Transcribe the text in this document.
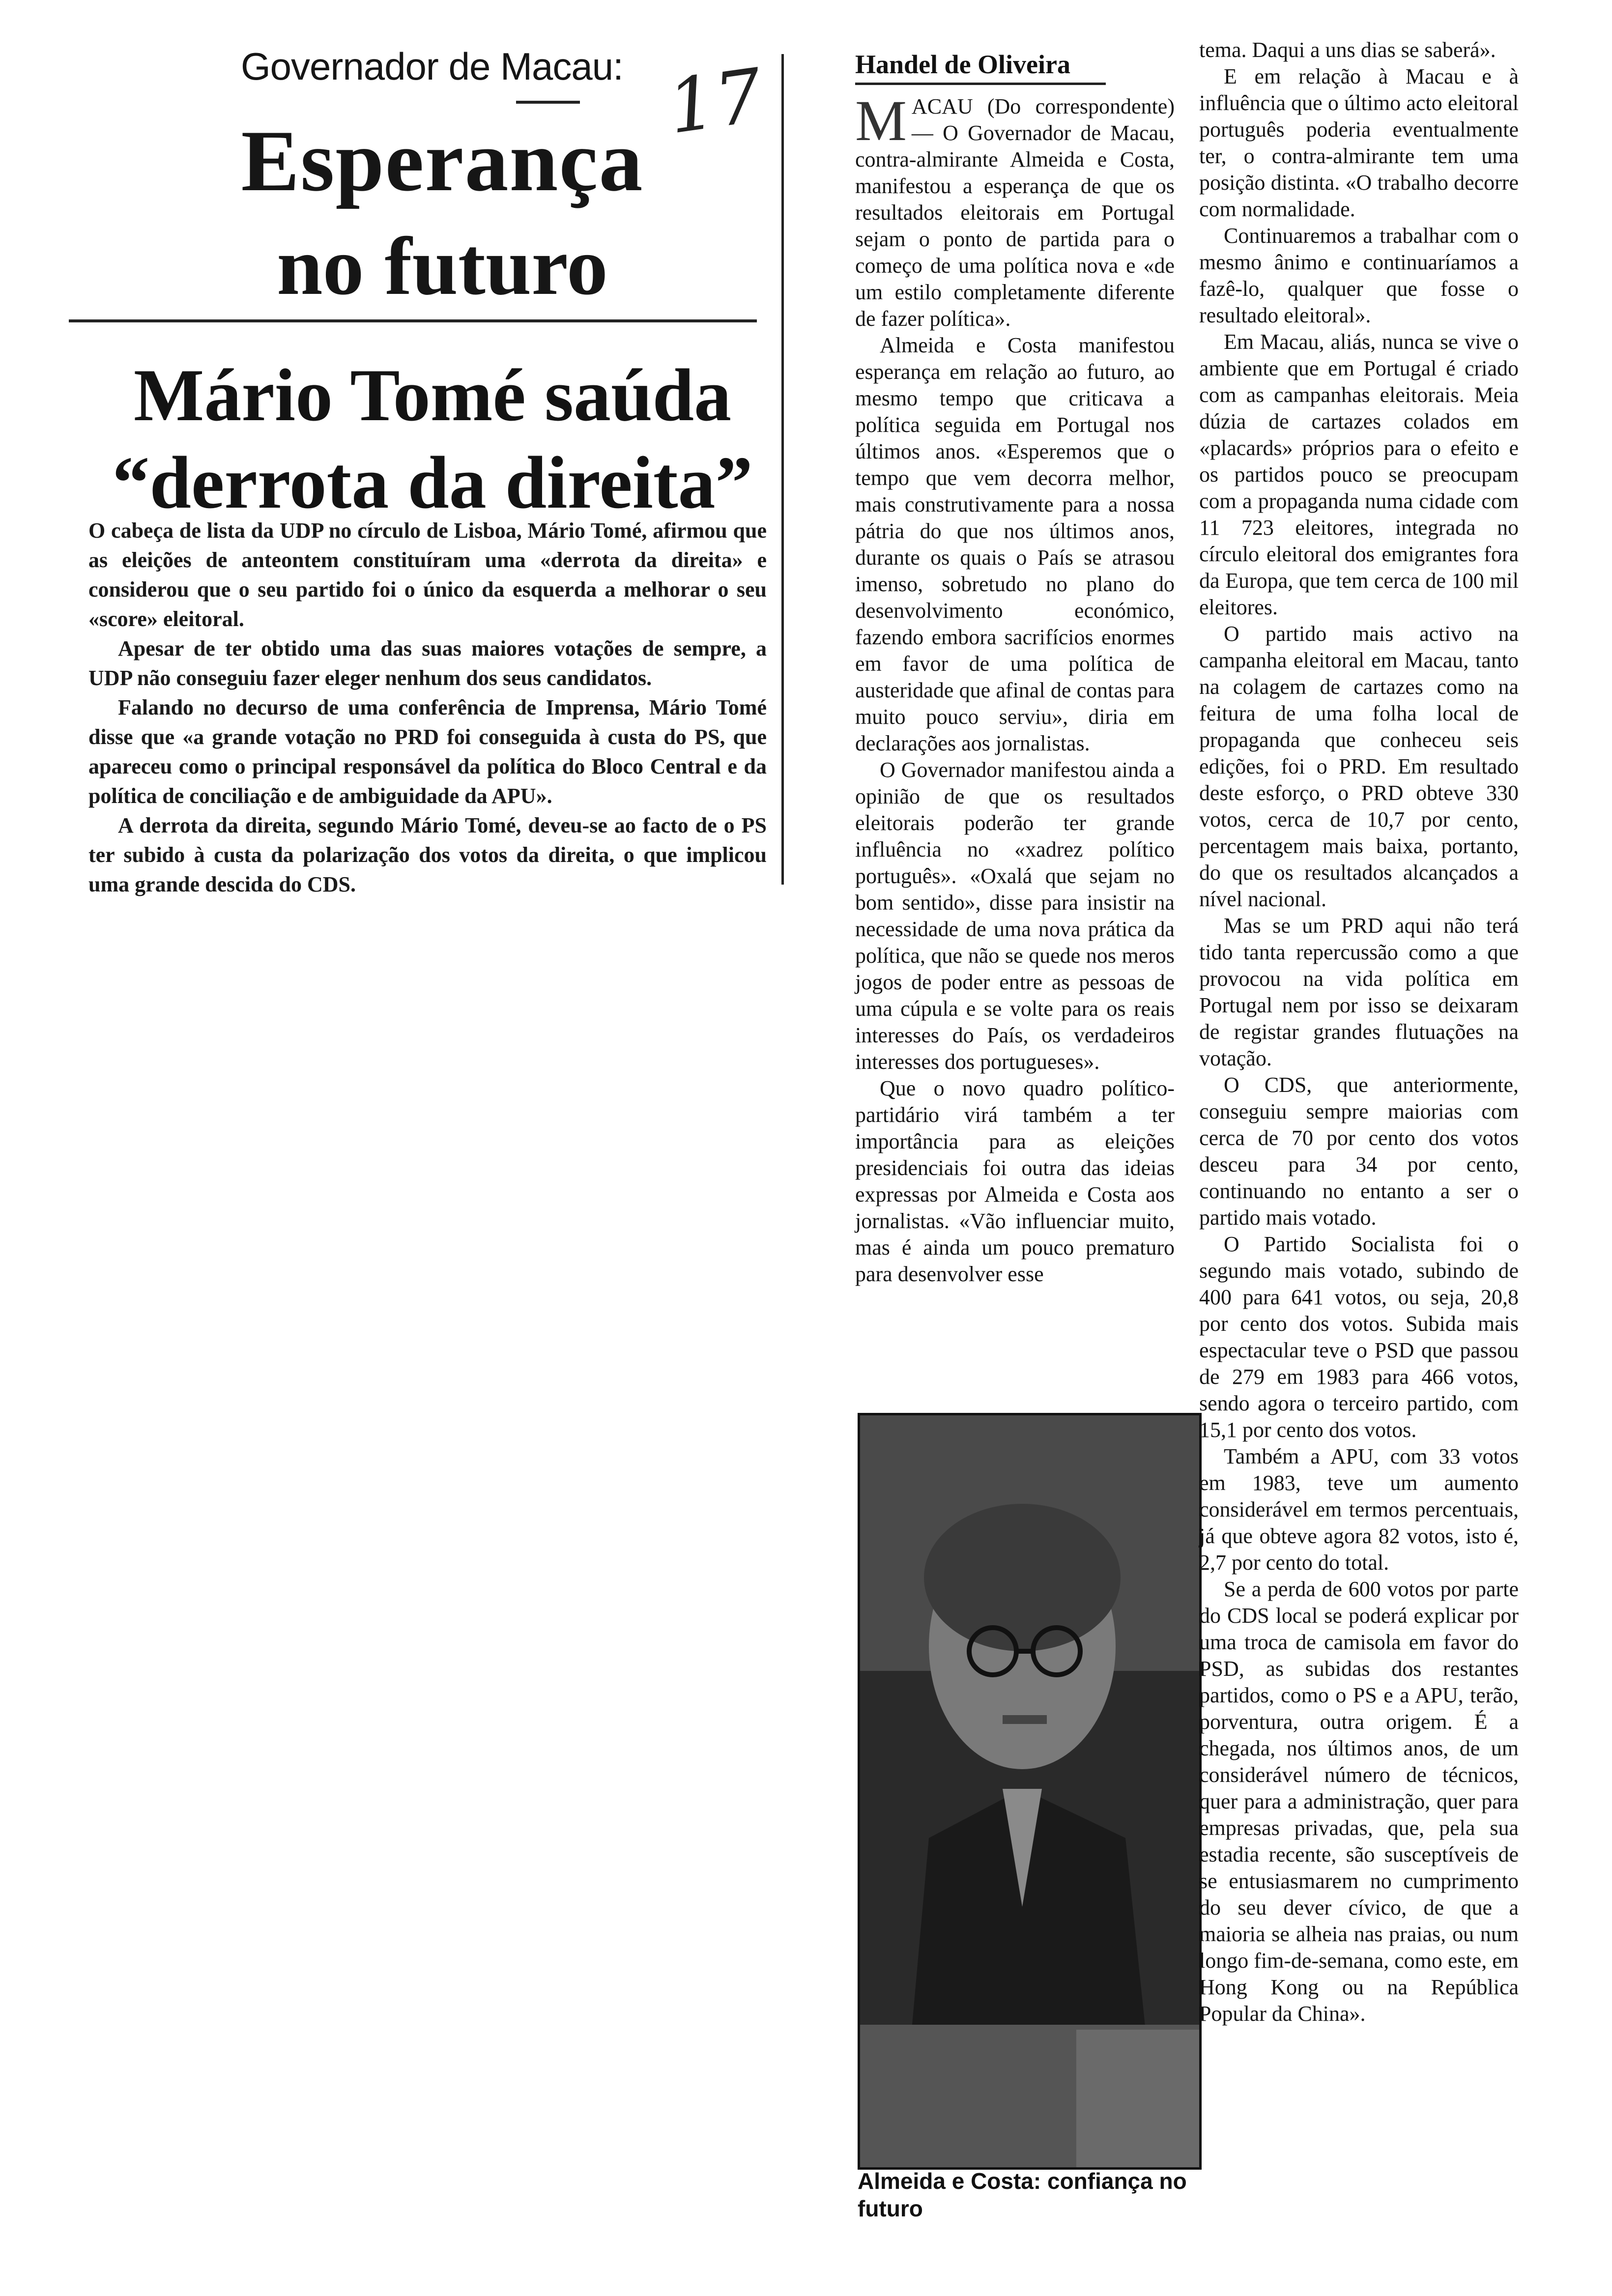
Governador de Macau: 17
Esperança
no futuro
Mário Tomé saúda
“derrota da direita”

O cabeça de lista da UDP no círculo de Lisboa, Mário Tomé, afirmou que as eleições de anteontem constituíram uma «derrota da direita» e considerou que o seu partido foi o único da esquerda a melhorar o seu «score» eleitoral.

Apesar de ter obtido uma das suas maiores votações de sempre, a UDP não conseguiu fazer eleger nenhum dos seus candidatos.

Falando no decurso de uma conferência de Imprensa, Mário Tomé disse que «a grande votação no PRD foi conseguida à custa do PS, que apareceu como o principal responsável da política do Bloco Central e da política de conciliação e de ambiguidade da APU».

A derrota da direita, segundo Mário Tomé, deveu-se ao facto de o PS ter subido à custa da polarização dos votos da direita, o que implicou uma grande descida do CDS.

Handel de Oliveira

MACAU (Do correspondente) — O Governador de Macau, contra-almirante Almeida e Costa, manifestou a esperança de que os resultados eleitorais em Portugal sejam o ponto de partida para o começo de uma política nova e «de um estilo completamente diferente de fazer política».

Almeida e Costa manifestou esperança em relação ao futuro, ao mesmo tempo que criticava a política seguida em Portugal nos últimos anos. «Esperemos que o tempo que vem decorra melhor, mais construtivamente para a nossa pátria do que nos últimos anos, durante os quais o País se atrasou imenso, sobretudo no plano do desenvolvimento económico, fazendo embora sacrifícios enormes em favor de uma política de austeridade que afinal de contas para muito pouco serviu», diria em declarações aos jornalistas.

O Governador manifestou ainda a opinião de que os resultados eleitorais poderão ter grande influência no «xadrez político português». «Oxalá que sejam no bom sentido», disse para insistir na necessidade de uma nova prática da política, que não se quede nos meros jogos de poder entre as pessoas de uma cúpula e se volte para os reais interesses do País, os verdadeiros interesses dos portugueses».

Que o novo quadro político-partidário virá também a ter importância para as eleições presidenciais foi outra das ideias expressas por Almeida e Costa aos jornalistas. «Vão influenciar muito, mas é ainda um pouco prematuro para desenvolver esse

Almeida e Costa: confiança no futuro

tema. Daqui a uns dias se saberá».

E em relação à Macau e à influência que o último acto eleitoral português poderia eventualmente ter, o contra-almirante tem uma posição distinta. «O trabalho decorre com normalidade.

Continuaremos a trabalhar com o mesmo ânimo e continuaríamos a fazê-lo, qualquer que fosse o resultado eleitoral».

Em Macau, aliás, nunca se vive o ambiente que em Portugal é criado com as campanhas eleitorais. Meia dúzia de cartazes colados em «placards» próprios para o efeito e os partidos pouco se preocupam com a propaganda numa cidade com 11 723 eleitores, integrada no círculo eleitoral dos emigrantes fora da Europa, que tem cerca de 100 mil eleitores.

O partido mais activo na campanha eleitoral em Macau, tanto na colagem de cartazes como na feitura de uma folha local de propaganda que conheceu seis edições, foi o PRD. Em resultado deste esforço, o PRD obteve 330 votos, cerca de 10,7 por cento, percentagem mais baixa, portanto, do que os resultados alcançados a nível nacional.

Mas se um PRD aqui não terá tido tanta repercussão como a que provocou na vida política em Portugal nem por isso se deixaram de registar grandes flutuações na votação.

O CDS, que anteriormente, conseguiu sempre maiorias com cerca de 70 por cento dos votos desceu para 34 por cento, continuando no entanto a ser o partido mais votado.

O Partido Socialista foi o segundo mais votado, subindo de 400 para 641 votos, ou seja, 20,8 por cento dos votos. Subida mais espectacular teve o PSD que passou de 279 em 1983 para 466 votos, sendo agora o terceiro partido, com 15,1 por cento dos votos.

Também a APU, com 33 votos em 1983, teve um aumento considerável em termos percentuais, já que obteve agora 82 votos, isto é, 2,7 por cento do total.

Se a perda de 600 votos por parte do CDS local se poderá explicar por uma troca de camisola em favor do PSD, as subidas dos restantes partidos, como o PS e a APU, terão, porventura, outra origem. É a chegada, nos últimos anos, de um considerável número de técnicos, quer para a administração, quer para empresas privadas, que, pela sua estadia recente, são susceptíveis de se entusiasmarem no cumprimento do seu dever cívico, de que a maioria se alheia nas praias, ou num longo fim-de-semana, como este, em Hong Kong ou na República Popular da China».
